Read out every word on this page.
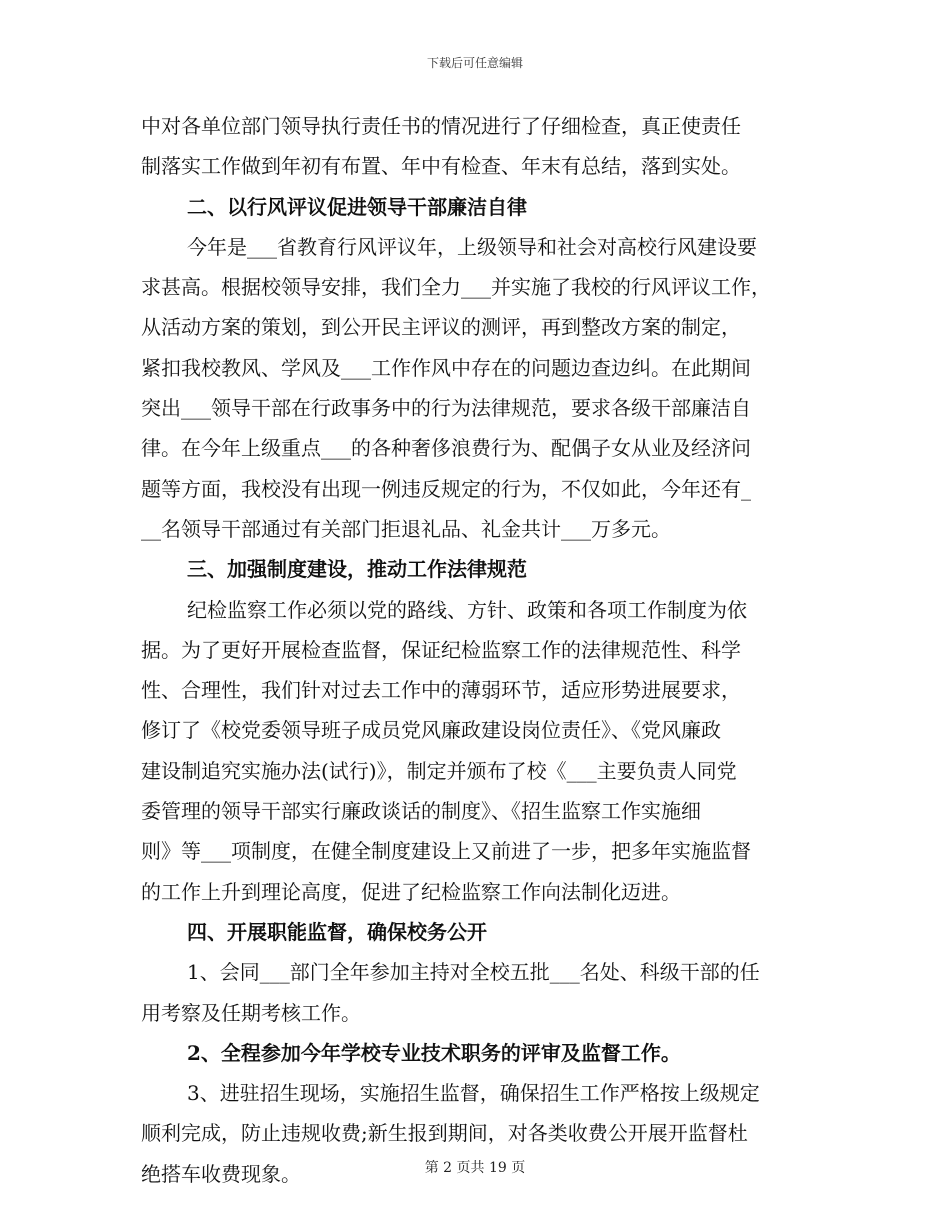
下载后可任意编辑
中对各单位部门领导执行责任书的情况进行了仔细检查，真正使责任
制落实工作做到年初有布置、年中有检查、年末有总结，落到实处。
二、以行风评议促进领导干部廉洁自律
今年是___省教育行风评议年，上级领导和社会对高校行风建设要
求甚高。根据校领导安排，我们全力___并实施了我校的行风评议工作，
从活动方案的策划，到公开民主评议的测评，再到整改方案的制定，
紧扣我校教风、学风及___工作作风中存在的问题边查边纠。在此期间
突出___领导干部在行政事务中的行为法律规范，要求各级干部廉洁自
律。在今年上级重点___的各种奢侈浪费行为、配偶子女从业及经济问
题等方面，我校没有出现一例违反规定的行为，不仅如此，今年还有_
__名领导干部通过有关部门拒退礼品、礼金共计___万多元。
三、加强制度建设，推动工作法律规范
纪检监察工作必须以党的路线、方针、政策和各项工作制度为依
据。为了更好开展检查监督，保证纪检监察工作的法律规范性、科学
性、合理性，我们针对过去工作中的薄弱环节，适应形势进展要求，
修订了《校党委领导班子成员党风廉政建设岗位责任》、《党风廉政
建设制追究实施办法(试行)》，制定并颁布了校《___主要负责人同党
委管理的领导干部实行廉政谈话的制度》、《招生监察工作实施细
则》等___项制度，在健全制度建设上又前进了一步，把多年实施监督
的工作上升到理论高度，促进了纪检监察工作向法制化迈进。
四、开展职能监督，确保校务公开
1、会同___部门全年参加主持对全校五批___名处、科级干部的任
用考察及任期考核工作。
2、全程参加今年学校专业技术职务的评审及监督工作。
3、进驻招生现场，实施招生监督，确保招生工作严格按上级规定
顺利完成，防止违规收费;新生报到期间，对各类收费公开展开监督杜
绝搭车收费现象。	第 2 页共 19 页
